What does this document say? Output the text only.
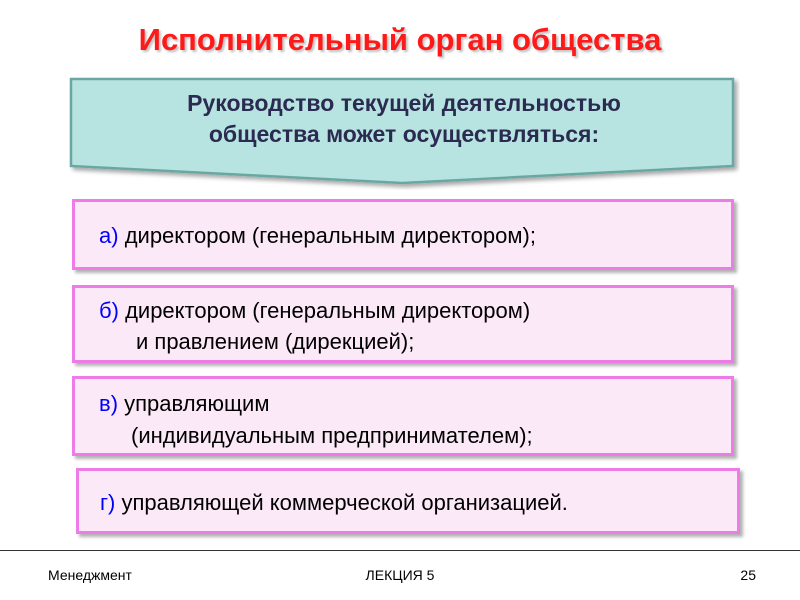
Исполнительный орган общества
Руководство текущей деятельностью
общества может осуществляться:
а) директором (генеральным директором);
б) директором (генеральным директором)
и правлением (дирекцией);
в) управляющим
(индивидуальным предпринимателем);
г) управляющей коммерческой организацией.
Менеджмент	ЛЕКЦИЯ 5	25
